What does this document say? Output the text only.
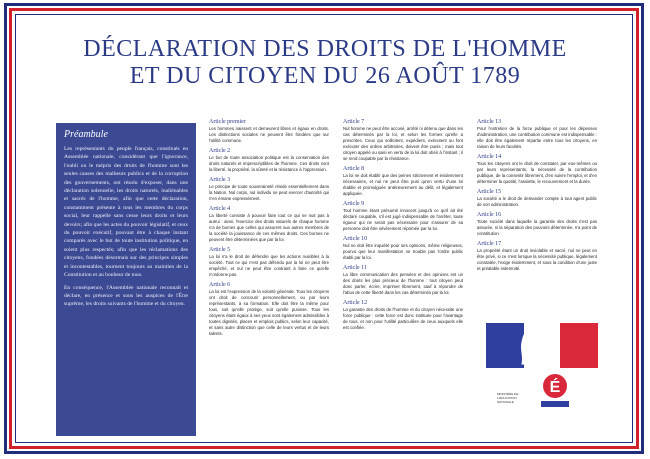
DÉCLARATION DES DROITS DE L'HOMME
ET DU CITOYEN DU 26 AOÛT 1789
Préambule

Les représentants du peuple français, constitués en Assemblée nationale, considérant que l'ignorance, l'oubli ou le mépris des droits de l'homme sont les seules causes des malheurs publics et de la corruption des gouvernements, ont résolu d'exposer, dans une déclaration solennelle, les droits naturels, inaliénables et sacrés de l'homme, afin que cette déclaration, constamment présente à tous les membres du corps social, leur rappelle sans cesse leurs droits et leurs devoirs; afin que les actes du pouvoir législatif, et ceux du pouvoir exécutif, pouvant être à chaque instant comparés avec le but de toute institution politique, en soient plus respectés; afin que les réclamations des citoyens, fondées désormais sur des principes simples et incontestables, tournent toujours au maintien de la Constitution et au bonheur de tous.

En conséquence, l'Assemblée nationale reconnaît et déclare, en présence et sous les auspices de l'Être suprême, les droits suivants de l'homme et du citoyen.

Article premier

Les hommes naissent et demeurent libres et égaux en droits. Les distinctions sociales ne peuvent être fondées que sur l'utilité commune.

Article 2

Le but de toute association politique est la conservation des droits naturels et imprescriptibles de l'homme. Ces droits sont la liberté, la propriété, la sûreté et la résistance à l'oppression.

Article 3

Le principe de toute souveraineté réside essentiellement dans la Nation. Nul corps, nul individu ne peut exercer d'autorité qui n'en émane expressément.

Article 4

La liberté consiste à pouvoir faire tout ce qui ne nuit pas à autrui : ainsi, l'exercice des droits naturels de chaque homme n'a de bornes que celles qui assurent aux autres membres de la société la jouissance de ces mêmes droits. Ces bornes ne peuvent être déterminées que par la loi.

Article 5

La loi n'a le droit de défendre que les actions nuisibles à la société. Tout ce qui n'est pas défendu par la loi ne peut être empêché, et nul ne peut être contraint à faire ce qu'elle n'ordonne pas.

Article 6

La loi est l'expression de la volonté générale. Tous les citoyens ont droit de concourir personnellement, ou par leurs représentants, à sa formation. Elle doit être la même pour tous, soit qu'elle protège, soit qu'elle punisse. Tous les citoyens étant égaux à ses yeux sont également admissibles à toutes dignités, places et emplois publics, selon leur capacité, et sans autre distinction que celle de leurs vertus et de leurs talents.

Article 7

Nul homme ne peut être accusé, arrêté ni détenu que dans les cas déterminés par la loi, et selon les formes qu'elle a prescrites. Ceux qui sollicitent, expédient, exécutent ou font exécuter des ordres arbitraires, doivent être punis ; mais tout citoyen appelé ou saisi en vertu de la loi doit obéir à l'instant ; il se rend coupable par la résistance.

Article 8

La loi ne doit établir que des peines strictement et évidemment nécessaires, et nul ne peut être puni qu'en vertu d'une loi établie et promulguée antérieurement au délit, et légalement appliquée.

Article 9

Tout homme étant présumé innocent jusqu'à ce qu'il ait été déclaré coupable, s'il est jugé indispensable de l'arrêter, toute rigueur qui ne serait pas nécessaire pour s'assurer de sa personne doit être sévèrement réprimée par la loi.

Article 10

Nul ne doit être inquiété pour ses opinions, même religieuses, pourvu que leur manifestation ne trouble pas l'ordre public établi par la loi.

Article 11

La libre communication des pensées et des opinions est un des droits les plus précieux de l'homme : tout citoyen peut donc parler, écrire, imprimer librement, sauf à répondre de l'abus de cette liberté dans les cas déterminés par la loi.

Article 12

La garantie des droits de l'homme et du citoyen nécessite une force publique : cette force est donc instituée pour l'avantage de tous, et non pour l'utilité particulière de ceux auxquels elle est confiée.

Article 13

Pour l'entretien de la force publique et pour les dépenses d'administration, une contribution commune est indispensable : elle doit être également répartie entre tous les citoyens, en raison de leurs facultés.

Article 14

Tous les citoyens ont le droit de constater, par eux-mêmes ou par leurs représentants, la nécessité de la contribution publique, de la consentir librement, d'en suivre l'emploi, et d'en déterminer la quotité, l'assiette, le recouvrement et la durée.

Article 15

La société a le droit de demander compte à tout agent public de son administration.

Article 16

Toute société dans laquelle la garantie des droits n'est pas assurée, ni la séparation des pouvoirs déterminée, n'a point de constitution.

Article 17

La propriété étant un droit inviolable et sacré, nul ne peut en être privé, si ce n'est lorsque la nécessité publique, légalement constatée, l'exige évidemment, et sous la condition d'une juste et préalable indemnité.

É
MINISTÈRE DE L'ÉDUCATION NATIONALE
